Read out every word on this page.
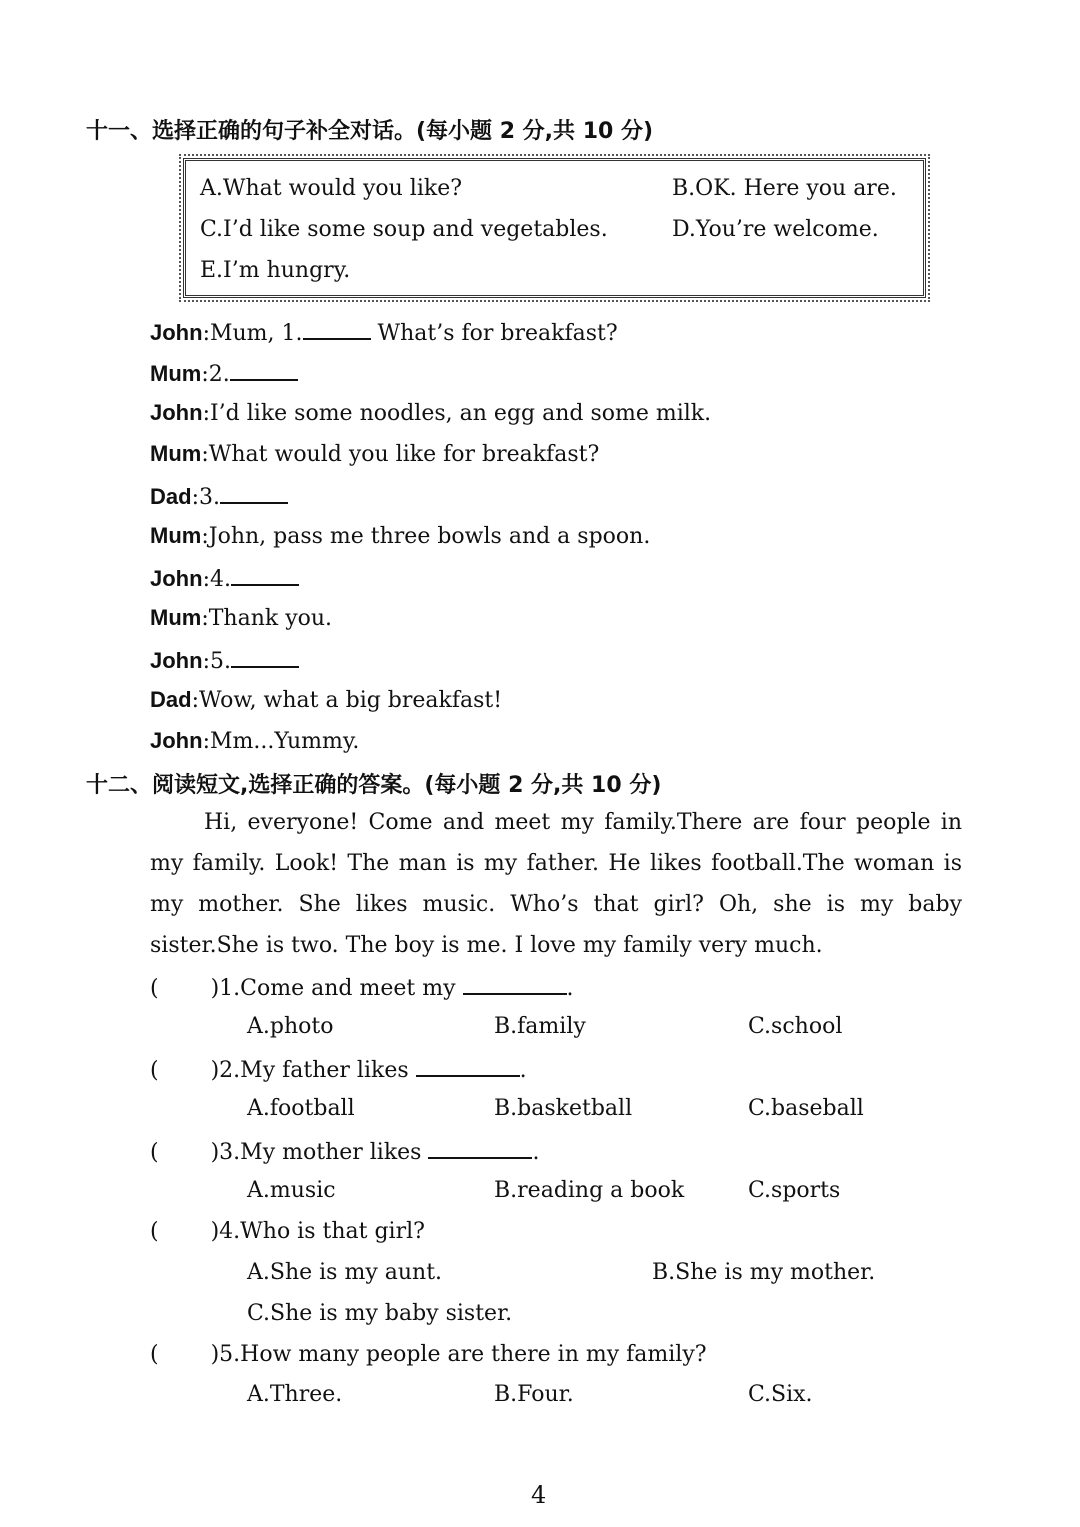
十一、选择正确的句子补全对话。(每小题 2 分,共 10 分)
A.What would you like?	B.OK. Here you are.
C.I’d like some soup and vegetables.	D.You’re welcome.
E.I’m hungry.
John:Mum, 1.	What’s for breakfast?
Mum:2.
John:I’d like some noodles, an egg and some milk.
Mum:What would you like for breakfast?
Dad:3.
Mum:John, pass me three bowls and a spoon.
John:4.
Mum:Thank you.
John:5.
Dad:Wow, what a big breakfast!
John:Mm...Yummy.
十二、阅读短文,选择正确的答案。(每小题 2 分,共 10 分)
Hi, everyone! Come and meet my family.There are four people in my family. Look! The man is my father. He likes football.The woman is my mother. She likes music. Who’s that girl? Oh, she is my baby sister.She is two. The boy is me. I love my family very much.
( )1.Come and meet my	.
A.photo	B.family	C.school
( )2.My father likes	.
A.football	B.basketball	C.baseball
( )3.My mother likes	.
A.music	B.reading a book	C.sports
( )4.Who is that girl?
A.She is my aunt.	B.She is my mother.
C.She is my baby sister.
( )5.How many people are there in my family?
A.Three.	B.Four.	C.Six.
4
